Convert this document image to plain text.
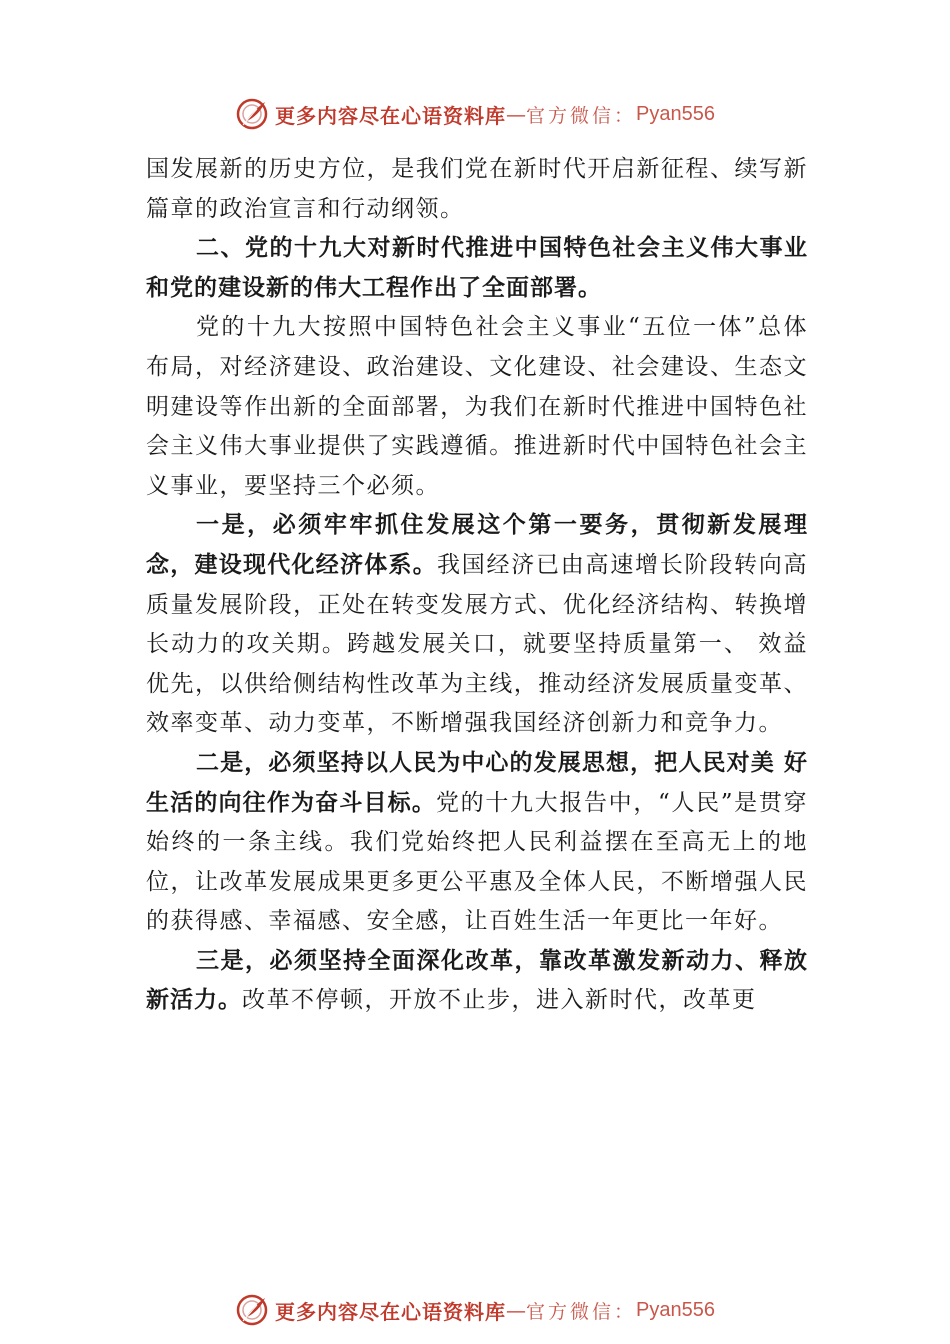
更多内容尽在心语资料库 — 官方微信： Pyan556

国发展新的历史方位，是我们党在新时代开启新征程、续写新篇章的政治宣言和行动纲领。

二、党的十九大对新时代推进中国特色社会主义伟大事业和党的建设新的伟大工程作出了全面部署。

党的十九大按照中国特色社会主义事业“五位一体”总体布局，对经济建设、政治建设、文化建设、社会建设、生态文明建设等作出新的全面部署，为我们在新时代推进中国特色社会主义伟大事业提供了实践遵循。推进新时代中国特色社会主义事业，要坚持三个必须。

一是，必须牢牢抓住发展这个第一要务，贯彻新发展理念，建设现代化经济体系。我国经济已由高速增长阶段转向高质量发展阶段，正处在转变发展方式、优化经济结构、转换增长动力的攻关期。跨越发展关口，就要坚持质量第一、 效益优先，以供给侧结构性改革为主线，推动经济发展质量变革、效率变革、动力变革，不断增强我国经济创新力和竞争力。

二是，必须坚持以人民为中心的发展思想，把人民对美 好生活的向往作为奋斗目标。党的十九大报告中，“人民”是贯穿始终的一条主线。我们党始终把人民利益摆在至高无上的地位，让改革发展成果更多更公平惠及全体人民，不断增强人民的获得感、幸福感、安全感，让百姓生活一年更比一年好。

三是，必须坚持全面深化改革，靠改革激发新动力、释放新活力。改革不停顿，开放不止步，进入新时代，改革更

更多内容尽在心语资料库 — 官方微信： Pyan556
